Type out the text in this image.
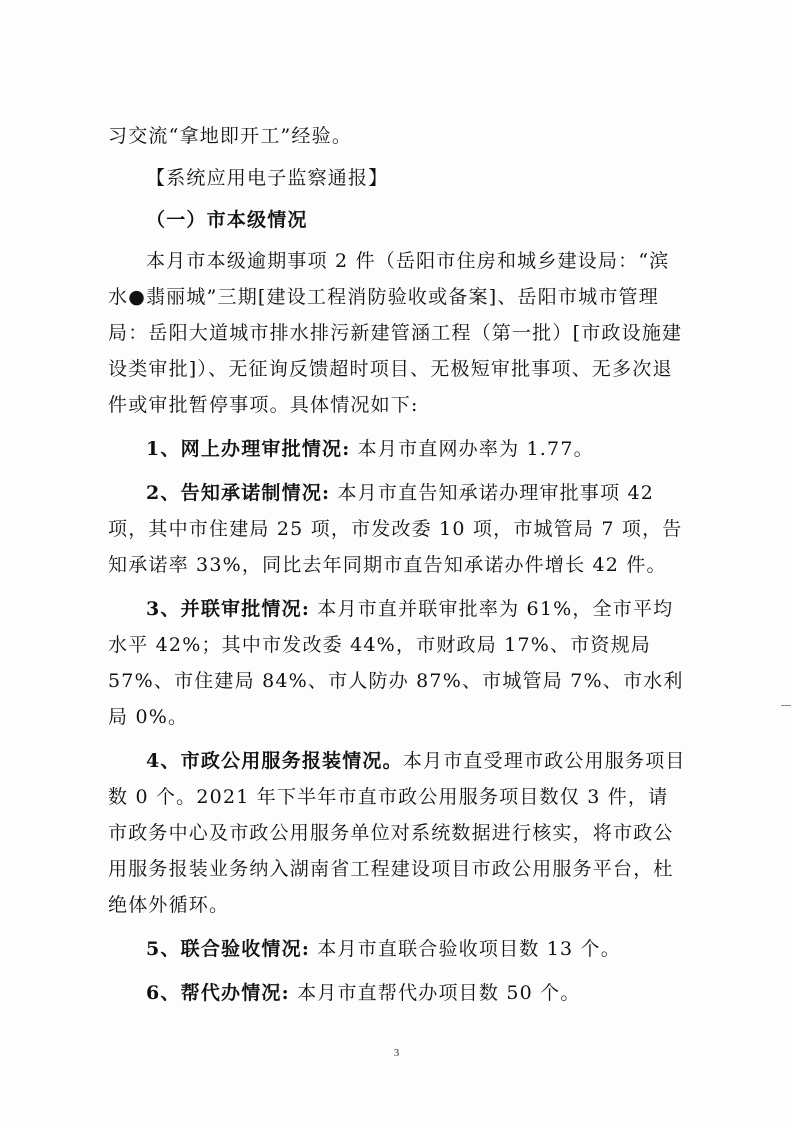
习交流“拿地即开工”经验。

【系统应用电子监察通报】

（一）市本级情况

本月市本级逾期事项 2 件（岳阳市住房和城乡建设局：“滨水●翡丽城”三期[建设工程消防验收或备案]、岳阳市城市管理局：岳阳大道城市排水排污新建管涵工程（第一批）[市政设施建设类审批]）、无征询反馈超时项目、无极短审批事项、无多次退件或审批暂停事项。具体情况如下:

1、网上办理审批情况: 本月市直网办率为 1.77。

2、告知承诺制情况: 本月市直告知承诺办理审批事项 42 项，其中市住建局 25 项，市发改委 10 项，市城管局 7 项，告知承诺率 33%，同比去年同期市直告知承诺办件增长 42 件。

3、并联审批情况: 本月市直并联审批率为 61%，全市平均水平 42%；其中市发改委 44%，市财政局 17%、市资规局 57%、市住建局 84%、市人防办 87%、市城管局 7%、市水利局 0%。

4、市政公用服务报装情况。本月市直受理市政公用服务项目数 0 个。2021 年下半年市直市政公用服务项目数仅 3 件，请市政务中心及市政公用服务单位对系统数据进行核实，将市政公用服务报装业务纳入湖南省工程建设项目市政公用服务平台，杜绝体外循环。

5、联合验收情况: 本月市直联合验收项目数 13 个。

6、帮代办情况: 本月市直帮代办项目数 50 个。

3
